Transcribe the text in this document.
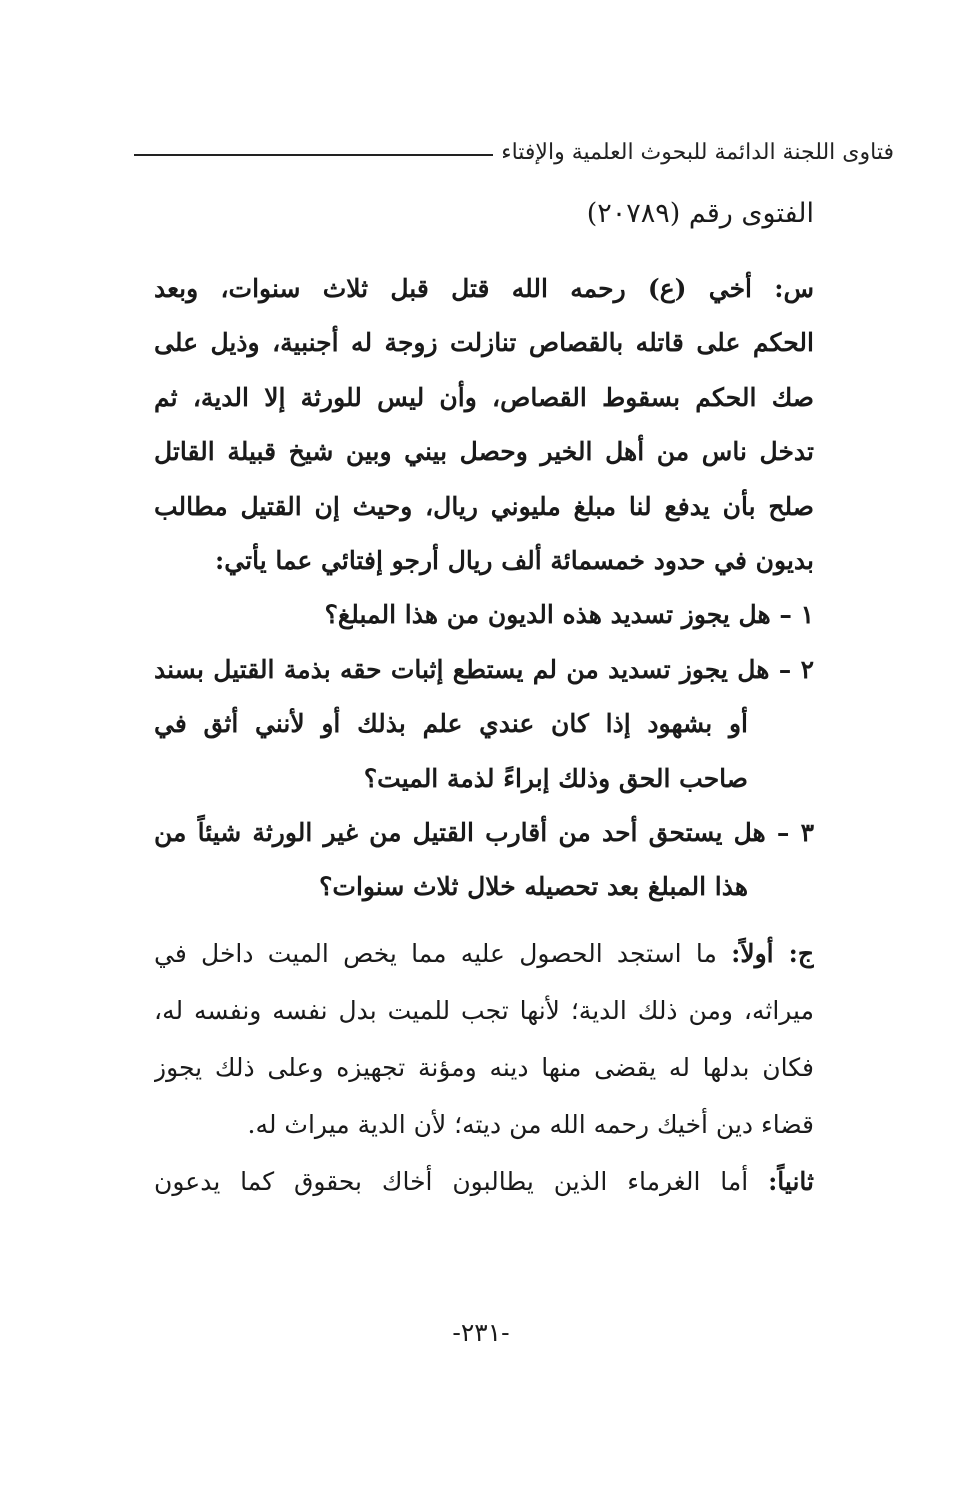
فتاوى اللجنة الدائمة للبحوث العلمية والإفتاء
الفتوى رقم (٢٠٧٨٩)
س: أخي (ع) رحمه الله قتل قبل ثلاث سنوات، وبعد
الحكم على قاتله بالقصاص تنازلت زوجة له أجنبية، وذيل على
صك الحكم بسقوط القصاص، وأن ليس للورثة إلا الدية، ثم
تدخل ناس من أهل الخير وحصل بيني وبين شيخ قبيلة القاتل
صلح بأن يدفع لنا مبلغ مليوني ريال، وحيث إن القتيل مطالب
بديون في حدود خمسمائة ألف ريال أرجو إفتائي عما يأتي:
١ – هل يجوز تسديد هذه الديون من هذا المبلغ؟
٢ – هل يجوز تسديد من لم يستطع إثبات حقه بذمة القتيل بسند
أو بشهود إذا كان عندي علم بذلك أو لأنني أثق في
صاحب الحق وذلك إبراءً لذمة الميت؟
٣ – هل يستحق أحد من أقارب القتيل من غير الورثة شيئاً من
هذا المبلغ بعد تحصيله خلال ثلاث سنوات؟
ج: أولاً: ما استجد الحصول عليه مما يخص الميت داخل في
ميراثه، ومن ذلك الدية؛ لأنها تجب للميت بدل نفسه ونفسه له،
فكان بدلها له يقضى منها دينه ومؤنة تجهيزه وعلى ذلك يجوز
قضاء دين أخيك رحمه الله من ديته؛ لأن الدية ميراث له.
ثانياً: أما الغرماء الذين يطالبون أخاك بحقوق كما يدعون
-٢٣١-
